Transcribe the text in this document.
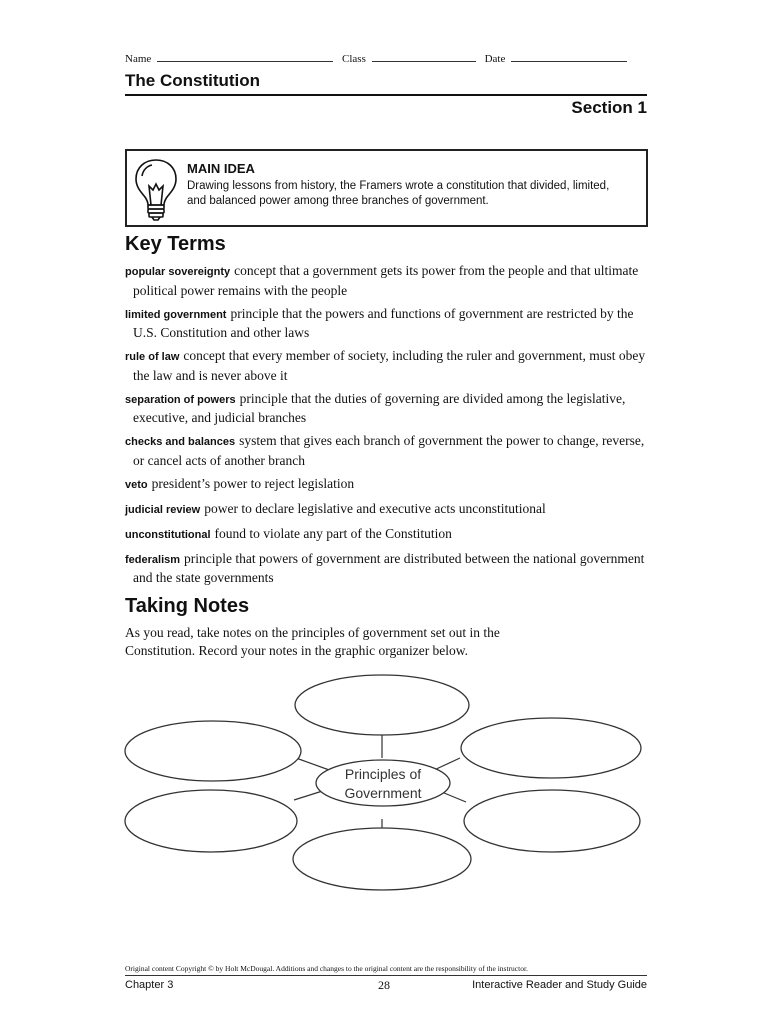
Name	Class	Date
The Constitution
Section 1
MAIN IDEA
Drawing lessons from history, the Framers wrote a constitution that divided, limited, and balanced power among three branches of government.
Key Terms
popular sovereignty concept that a government gets its power from the people and that ultimate political power remains with the people
limited government principle that the powers and functions of government are restricted by the U.S. Constitution and other laws
rule of law concept that every member of society, including the ruler and government, must obey the law and is never above it
separation of powers principle that the duties of governing are divided among the legislative, executive, and judicial branches
checks and balances system that gives each branch of government the power to change, reverse, or cancel acts of another branch
veto president’s power to reject legislation
judicial review power to declare legislative and executive acts unconstitutional
unconstitutional found to violate any part of the Constitution
federalism principle that powers of government are distributed between the national government and the state governments
Taking Notes
As you read, take notes on the principles of government set out in the Constitution. Record your notes in the graphic organizer below.
Principles of
Government
Original content Copyright © by Holt McDougal. Additions and changes to the original content are the responsibility of the instructor.
Chapter 3	28	Interactive Reader and Study Guide
